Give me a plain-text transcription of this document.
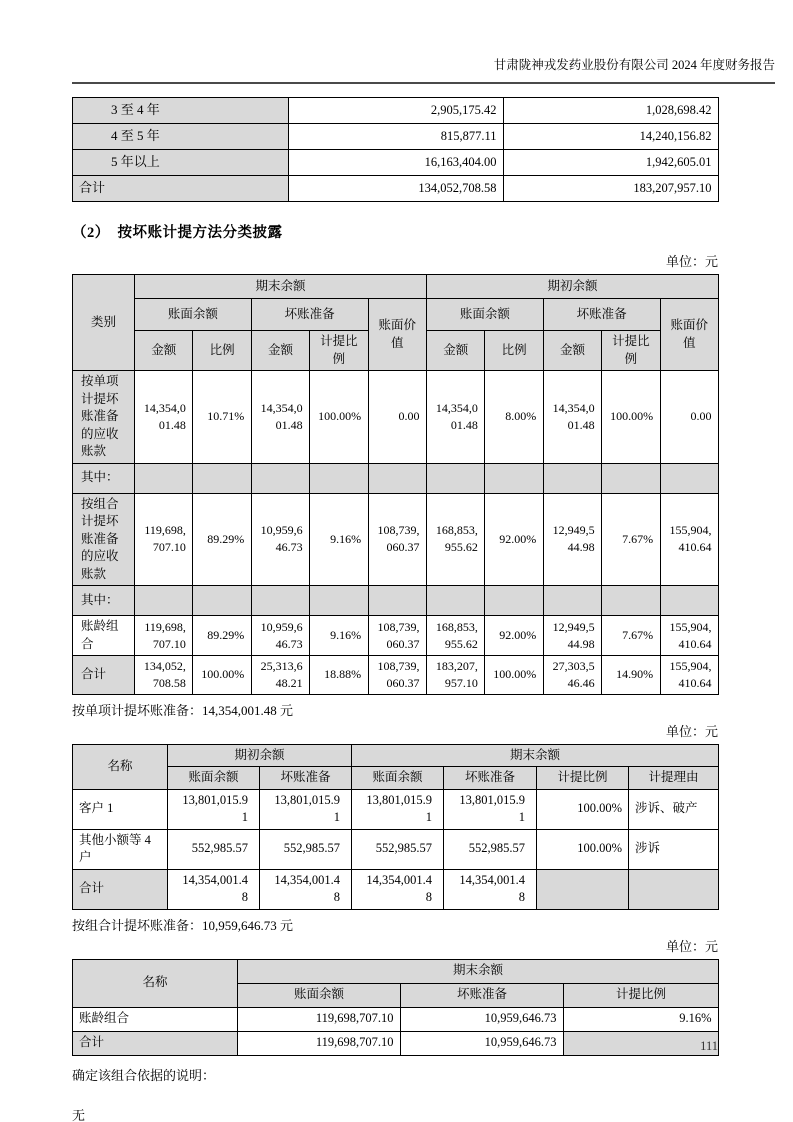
甘肃陇神戎发药业股份有限公司 2024 年度财务报告
3 至 4 年	2,905,175.42	1,028,698.42
4 至 5 年	815,877.11	14,240,156.82
5 年以上	16,163,404.00	1,942,605.01
合计	134,052,708.58	183,207,957.10
（2）　按坏账计提方法分类披露
单位：元
类别	期末余额					期初余额				
	账面余额		坏账准备		账面价值	账面余额		坏账准备		账面价值
	金额	比例	金额	计提比例		金额	比例	金额	计提比例	
按单项计提坏账准备的应收账款	14,354,001.48	10.71%	14,354,001.48	100.00%	0.00	14,354,001.48	8.00%	14,354,001.48	100.00%	0.00
其中：										
按组合计提坏账准备的应收账款	119,698,707.10	89.29%	10,959,646.73	9.16%	108,739,060.37	168,853,955.62	92.00%	12,949,544.98	7.67%	155,904,410.64
其中：										
账龄组合	119,698,707.10	89.29%	10,959,646.73	9.16%	108,739,060.37	168,853,955.62	92.00%	12,949,544.98	7.67%	155,904,410.64
合计	134,052,708.58	100.00%	25,313,648.21	18.88%	108,739,060.37	183,207,957.10	100.00%	27,303,546.46	14.90%	155,904,410.64
按单项计提坏账准备：14,354,001.48 元
单位：元
名称	期初余额		期末余额			
	账面余额	坏账准备	账面余额	坏账准备	计提比例	计提理由
客户 1	13,801,015.91	13,801,015.91	13,801,015.91	13,801,015.91	100.00%	涉诉、破产
其他小额等 4 户	552,985.57	552,985.57	552,985.57	552,985.57	100.00%	涉诉
合计	14,354,001.48	14,354,001.48	14,354,001.48	14,354,001.48		
按组合计提坏账准备：10,959,646.73 元
单位：元
名称	期末余额		
	账面余额	坏账准备	计提比例
账龄组合	119,698,707.10	10,959,646.73	9.16%
合计	119,698,707.10	10,959,646.73	
确定该组合依据的说明：
无
111
